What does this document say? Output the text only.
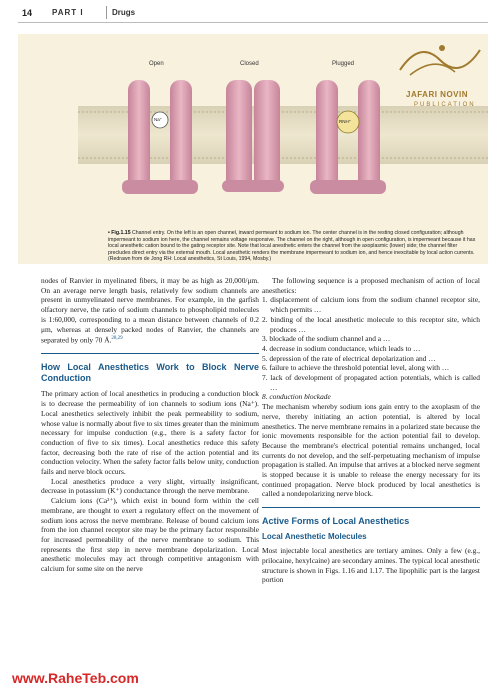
14 PART I	Drugs
Open	Closed	Plugged
Na⁺	RNH⁺
• Fig.1.15 Channel entry. On the left is an open channel, inward permeant to sodium ion. The center channel is in the resting closed configuration; although impermeant to sodium ion here, the channel remains voltage responsive. The channel on the right, although in open configuration, is impermeant because it has local anesthetic cation bound to the gating receptor site. Note that local anesthetic enters the channel from the axoplasmic (lower) side; the channel filter precludes direct entry via the external mouth. Local anesthetic renders the membrane impermeant to sodium ion, and hence inexcitable by local action currents. (Redrawn from de Jong RH: Local anesthetics, St Louis, 1994, Mosby.)
JAFARI NOVIN
PUBLICATION

nodes of Ranvier in myelinated fibers, it may be as high as 20,000/μm. On an average nerve length basis, relatively few sodium channels are present in unmyelinated nerve membranes. For example, in the garfish olfactory nerve, the ratio of sodium channels to phospholipid molecules is 1:60,000, corresponding to a mean distance between channels of 0.2 μm, whereas at densely packed nodes of Ranvier, the channels are separated by only 70 Å.$^{28,29}$

How Local Anesthetics Work to Block Nerve Conduction

The primary action of local anesthetics in producing a conduction block is to decrease the permeability of ion channels to sodium ions (Na⁺). Local anesthetics selectively inhibit the peak permeability to sodium, whose value is normally about five to six times greater than the minimum necessary for impulse conduction (e.g., there is a safety factor for conduction of five to six times). Local anesthetics reduce this safety factor, decreasing both the rate of rise of the action potential and its conduction velocity. When the safety factor falls below unity, conduction fails and nerve block occurs.

Local anesthetics produce a very slight, virtually insignificant, decrease in potassium (K⁺) conductance through the nerve membrane.

Calcium ions (Ca²⁺), which exist in bound form within the cell membrane, are thought to exert a regulatory effect on the movement of sodium ions across the nerve membrane. Release of bound calcium ions from the ion channel receptor site may be the primary factor responsible for increased permeability of the nerve membrane to sodium. This represents the first step in nerve membrane depolarization. Local anesthetic molecules may act through competitive antagonism with calcium for some site on the nerve

The following sequence is a proposed mechanism of action of local anesthetics:

1. displacement of calcium ions from the sodium channel receptor site, which permits …
2. binding of the local anesthetic molecule to this receptor site, which produces …
3. blockade of the sodium channel and a …
4. decrease in sodium conductance, which leads to …
5. depression of the rate of electrical depolarization and …
6. failure to achieve the threshold potential level, along with …
7. lack of development of propagated action potentials, which is called …
8. conduction blockade

The mechanism whereby sodium ions gain entry to the axoplasm of the nerve, thereby initiating an action potential, is altered by local anesthetics. The nerve membrane remains in a polarized state because the ionic movements responsible for the action potential fail to develop. Because the membrane's electrical potential remains unchanged, local currents do not develop, and the self-perpetuating mechanism of impulse propagation is stalled. An impulse that arrives at a blocked nerve segment is stopped because it is unable to release the energy necessary for its continued propagation. Nerve block produced by local anesthetics is called a nondepolarizing nerve block.

Active Forms of Local Anesthetics
Local Anesthetic Molecules

Most injectable local anesthetics are tertiary amines. Only a few (e.g., prilocaine, hexylcaine) are secondary amines. The typical local anesthetic structure is shown in Figs. 1.16 and 1.17. The lipophilic part is the largest portion

www.RaheTeb.com
